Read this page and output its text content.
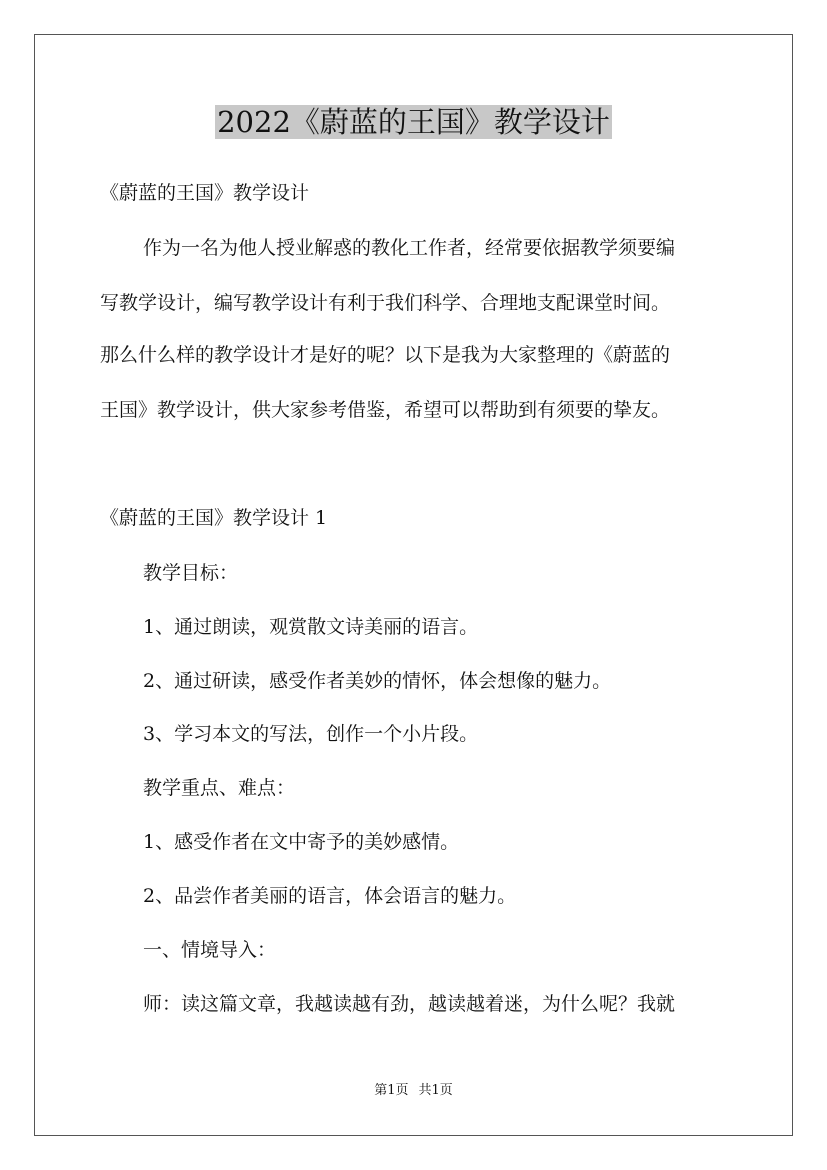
2022《蔚蓝的王国》教学设计
《蔚蓝的王国》教学设计
作为一名为他人授业解惑的教化工作者，经常要依据教学须要编
写教学设计，编写教学设计有利于我们科学、合理地支配课堂时间。
那么什么样的教学设计才是好的呢？以下是我为大家整理的《蔚蓝的
王国》教学设计，供大家参考借鉴，希望可以帮助到有须要的挚友。
《蔚蓝的王国》教学设计 1
教学目标：
1、通过朗读，观赏散文诗美丽的语言。
2、通过研读，感受作者美妙的情怀，体会想像的魅力。
3、学习本文的写法，创作一个小片段。
教学重点、难点：
1、感受作者在文中寄予的美妙感情。
2、品尝作者美丽的语言，体会语言的魅力。
一、情境导入：
师：读这篇文章，我越读越有劲，越读越着迷，为什么呢？我就
第1页 共1页
